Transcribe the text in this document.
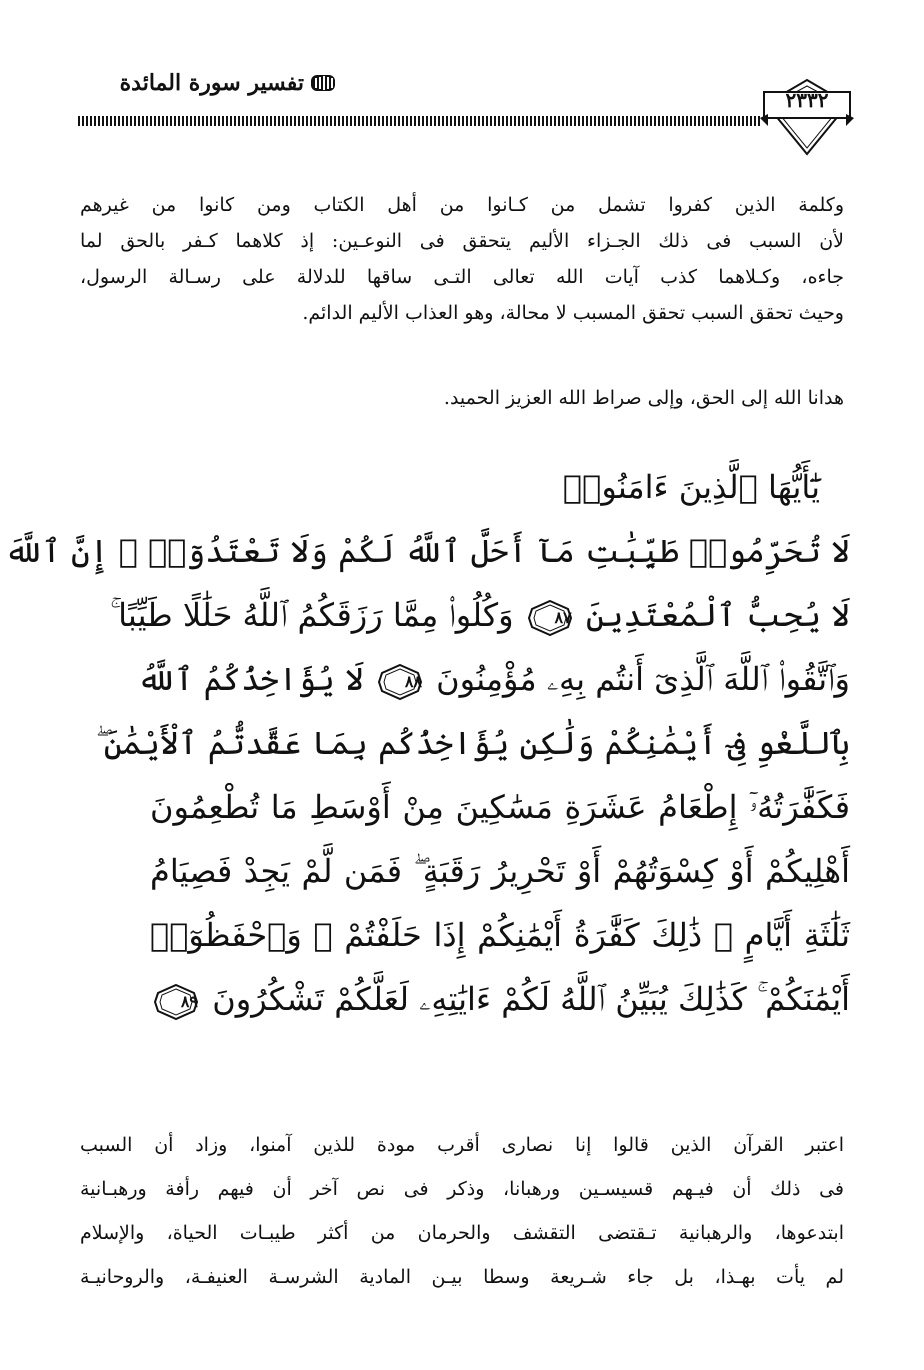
تفسير سورة المائدة
٢٣٣٢
وكلمة الذين كفروا تشمل من كـانوا من أهل الكتاب ومن كانوا من غيرهم
لأن السبب فى ذلك الجـزاء الأليم يتحقق فى النوعـين: إذ كلاهما كـفر بالحق لما
جاءه، وكـلاهما كذب آيات الله تعالى التـى ساقها للدلالة على رسـالة الرسول،
وحيث تحقق السبب تحقق المسبب لا محالة، وهو العذاب الأليم الدائم.
هدانا الله إلى الحق، وإلى صراط الله العزيز الحميد.
يَٰٓأَيُّهَا ٱلَّذِينَ ءَامَنُوا۟
لَا تُحَرِّمُوا۟ طَيِّبَٰتِ مَآ أَحَلَّ ٱللَّهُ لَكُمْ وَلَا تَعْتَدُوٓا۟ ۚ إِنَّ ٱللَّهَ
لَا يُحِبُّ ٱلْمُعْتَدِينَ
٨٧
وَكُلُوا۟ مِمَّا رَزَقَكُمُ ٱللَّهُ حَلَٰلًا طَيِّبًا ۚ
وَٱتَّقُوا۟ ٱللَّهَ ٱلَّذِىٓ أَنتُم بِهِۦ مُؤْمِنُونَ
٨٨
لَا يُؤَاخِذُكُمُ ٱللَّهُ
بِٱللَّغْوِ فِىٓ أَيْمَٰنِكُمْ وَلَٰكِن يُؤَاخِذُكُم بِمَا عَقَّدتُّمُ ٱلْأَيْمَٰنَ ۖ
فَكَفَّٰرَتُهُۥٓ إِطْعَامُ عَشَرَةِ مَسَٰكِينَ مِنْ أَوْسَطِ مَا تُطْعِمُونَ
أَهْلِيكُمْ أَوْ كِسْوَتُهُمْ أَوْ تَحْرِيرُ رَقَبَةٍ ۖ فَمَن لَّمْ يَجِدْ فَصِيَامُ
ثَلَٰثَةِ أَيَّامٍ ۚ ذَٰلِكَ كَفَّٰرَةُ أَيْمَٰنِكُمْ إِذَا حَلَفْتُمْ ۚ وَٱحْفَظُوٓا۟
أَيْمَٰنَكُمْ ۚ كَذَٰلِكَ يُبَيِّنُ ٱللَّهُ لَكُمْ ءَايَٰتِهِۦ لَعَلَّكُمْ تَشْكُرُونَ
٨٩
اعتبر القرآن الذين قالوا إنا نصارى أقرب مودة للذين آمنوا، وزاد أن السبب
فى ذلك أن فيـهم قسيسـين ورهبانا، وذكر فى نص آخر أن فيهم رأفة ورهبـانية
ابتدعوها، والرهبانية تـقتضى التقشف والحرمان من أكثر طيبـات الحياة، والإسلام
لم يأت بهـذا، بل جاء شـريعة وسطا بيـن المادية الشرسـة العنيفـة، والروحانيـة
